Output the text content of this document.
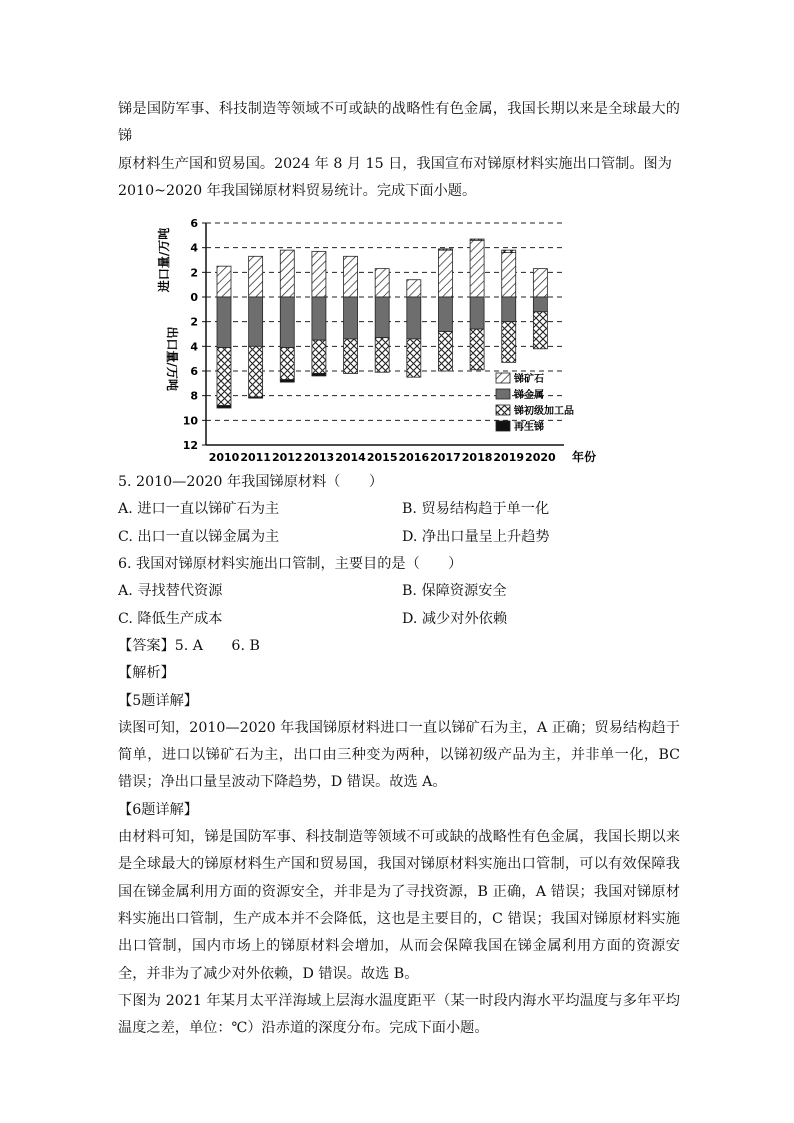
锑是国防军事、科技制造等领域不可或缺的战略性有色金属，我国长期以来是全球最大的锑

原材料生产国和贸易国。2024 年 8 月 15 日，我国宣布对锑原材料实施出口管制。图为

2010~2020 年我国锑原材料贸易统计。完成下面小题。

6
4
2
0
2
4
6
8
10
12
进口量/万吨
出口量/万吨
2010 2011 2012 2013 2014 2015 2016 2017 2018 2019 2020 年份
锑矿石
锑金属
锑初级加工品
再生锑

5. 2010—2020 年我国锑原材料（　　）

A. 进口一直以锑矿石为主	B. 贸易结构趋于单一化
C. 出口一直以锑金属为主	D. 净出口量呈上升趋势

6. 我国对锑原材料实施出口管制，主要目的是（　　）

A. 寻找替代资源	B. 保障资源安全
C. 降低生产成本	D. 减少对外依赖

【答案】5. A　　6. B

【解析】

【5题详解】

读图可知，2010—2020 年我国锑原材料进口一直以锑矿石为主，A 正确；贸易结构趋于简单，进口以锑矿石为主，出口由三种变为两种，以锑初级产品为主，并非单一化，BC 错误；净出口量呈波动下降趋势，D 错误。故选 A。

【6题详解】

由材料可知，锑是国防军事、科技制造等领域不可或缺的战略性有色金属，我国长期以来是全球最大的锑原材料生产国和贸易国，我国对锑原材料实施出口管制，可以有效保障我国在锑金属利用方面的资源安全，并非是为了寻找资源，B 正确，A 错误；我国对锑原材料实施出口管制，生产成本并不会降低，这也是主要目的，C 错误；我国对锑原材料实施出口管制，国内市场上的锑原材料会增加，从而会保障我国在锑金属利用方面的资源安全，并非为了减少对外依赖，D 错误。故选 B。

下图为 2021 年某月太平洋海域上层海水温度距平（某一时段内海水平均温度与多年平均温度之差，单位：℃）沿赤道的深度分布。完成下面小题。
